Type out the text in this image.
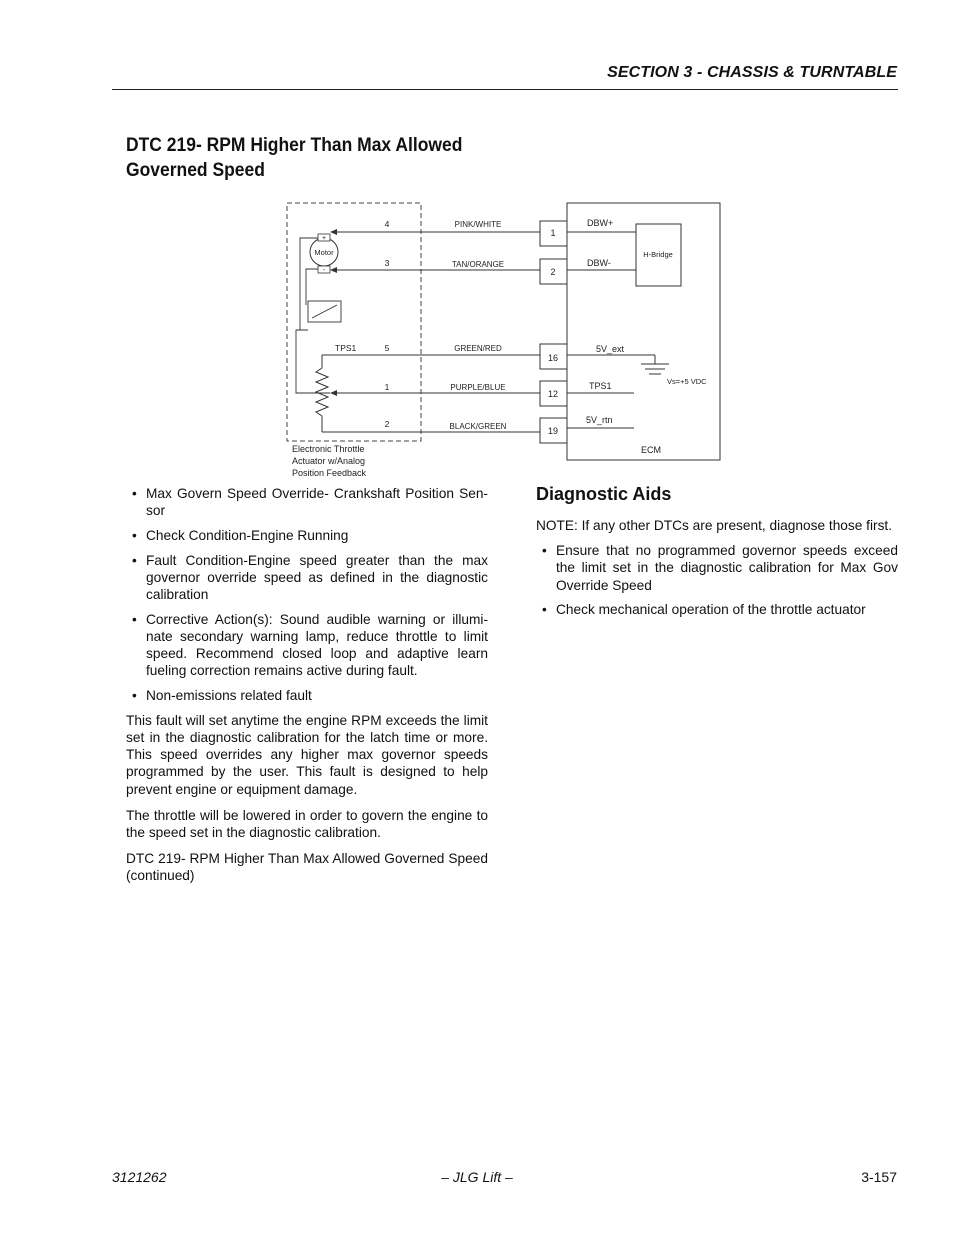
SECTION 3 - CHASSIS & TURNTABLE
DTC 219- RPM Higher Than Max Allowed
Governed Speed
Motor
+
-
4
3
5
1
2
TPS1
PINK/WHITE
TAN/ORANGE
GREEN/RED
PURPLE/BLUE
BLACK/GREEN
Electronic Throttle
Actuator w/Analog
Position Feedback
ECM
1
2
16
12
19
DBW+
DBW-
5V_ext
TPS1
5V_rtn
H-Bridge
Vs=+5 VDC
• Max Govern Speed Override- Crankshaft Position Sen-sor
• Check Condition-Engine Running
• Fault Condition-Engine speed greater than the max governor override speed as defined in the diagnostic calibration
• Corrective Action(s): Sound audible warning or illumi-nate secondary warning lamp, reduce throttle to limit speed. Recommend closed loop and adaptive learn fueling correction remains active during fault.
• Non-emissions related fault

This fault will set anytime the engine RPM exceeds the limit set in the diagnostic calibration for the latch time or more. This speed overrides any higher max governor speeds programmed by the user. This fault is designed to help prevent engine or equipment damage.

The throttle will be lowered in order to govern the engine to the speed set in the diagnostic calibration.

DTC 219- RPM Higher Than Max Allowed Governed Speed (continued)

Diagnostic Aids

NOTE: If any other DTCs are present, diagnose those first.

• Ensure that no programmed governor speeds exceed the limit set in the diagnostic calibration for Max Gov Override Speed
• Check mechanical operation of the throttle actuator
3121262	– JLG Lift –	3-157
